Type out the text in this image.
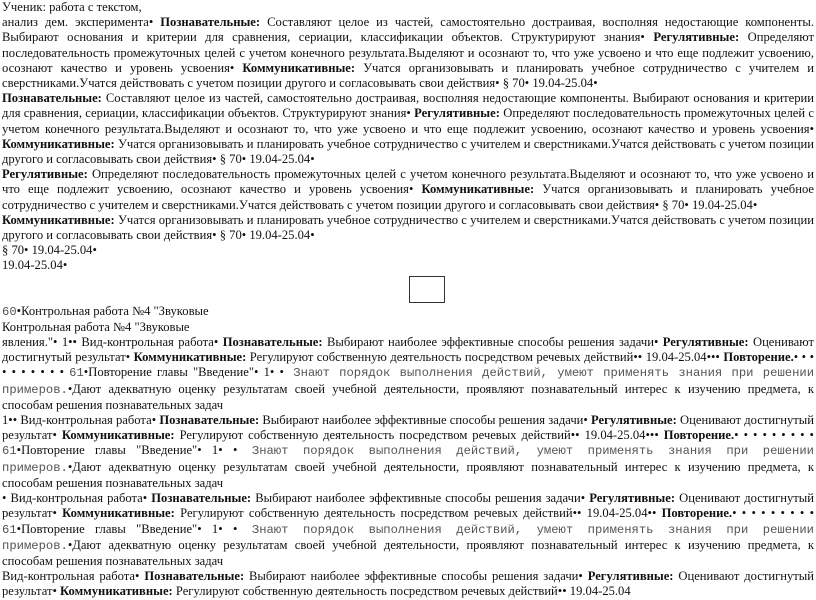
Ученик: работа с текстом,
анализ дем. эксперимента• Познавательные: Составляют целое из частей, самостоятельно достраивая, восполняя недостающие компоненты. Выбирают основания и критерии для сравнения, сериации, классификации объектов. Структурируют знания• Регулятивные: Определяют последовательность промежуточных целей с учетом конечного результата.Выделяют и осознают то, что уже усвоено и что еще подлежит усвоению, осознают качество и уровень усвоения• Коммуникативные: Учатся организовывать и планировать учебное сотрудничество с учителем и сверстниками.Учатся действовать с учетом позиции другого и согласовывать свои действия• § 70• 19.04-25.04•
Познавательные: Составляют целое из частей, самостоятельно достраивая, восполняя недостающие компоненты. Выбирают основания и критерии для сравнения, сериации, классификации объектов. Структурируют знания• Регулятивные: Определяют последовательность промежуточных целей с учетом конечного результата.Выделяют и осознают то, что уже усвоено и что еще подлежит усвоению, осознают качество и уровень усвоения• Коммуникативные: Учатся организовывать и планировать учебное сотрудничество с учителем и сверстниками.Учатся действовать с учетом позиции другого и согласовывать свои действия• § 70• 19.04-25.04•
Регулятивные: Определяют последовательность промежуточных целей с учетом конечного результата.Выделяют и осознают то, что уже усвоено и что еще подлежит усвоению, осознают качество и уровень усвоения• Коммуникативные: Учатся организовывать и планировать учебное сотрудничество с учителем и сверстниками.Учатся действовать с учетом позиции другого и согласовывать свои действия• § 70• 19.04-25.04•
Коммуникативные: Учатся организовывать и планировать учебное сотрудничество с учителем и сверстниками.Учатся действовать с учетом позиции другого и согласовывать свои действия• § 70• 19.04-25.04•
§ 70• 19.04-25.04•
19.04-25.04•
60•Контрольная работа №4 "Звуковые
Контрольная работа №4 "Звуковые
явления."• 1•• Вид-контрольная работа• Познавательные: Выбирают наиболее эффективные способы решения задачи• Регулятивные: Оценивают достигнутый результат• Коммуникативные: Регулируют собственную деятельность посредством речевых действий•• 19.04-25.04••• Повторение.• • • • • • • • • • 61•Повторение главы "Введение"• 1• • Знают порядок выполнения действий, умеют применять знания при решении примеров.•Дают адекватную оценку результатам своей учебной деятельности, проявляют познавательный интерес к изучению предмета, к способам решения познавательных задач
1•• Вид-контрольная работа• Познавательные: Выбирают наиболее эффективные способы решения задачи• Регулятивные: Оценивают достигнутый результат• Коммуникативные: Регулируют собственную деятельность посредством речевых действий•• 19.04-25.04••• Повторение.• • • • • • • • • 61•Повторение главы "Введение"• 1• • Знают порядок выполнения действий, умеют применять знания при решении примеров.•Дают адекватную оценку результатам своей учебной деятельности, проявляют познавательный интерес к изучению предмета, к способам решения познавательных задач
• Вид-контрольная работа• Познавательные: Выбирают наиболее эффективные способы решения задачи• Регулятивные: Оценивают достигнутый результат• Коммуникативные: Регулируют собственную деятельность посредством речевых действий•• 19.04-25.04•• Повторение.• • • • • • • • • 61•Повторение главы "Введение"• 1• • Знают порядок выполнения действий, умеют применять знания при решении примеров.•Дают адекватную оценку результатам своей учебной деятельности, проявляют познавательный интерес к изучению предмета, к способам решения познавательных задач
Вид-контрольная работа• Познавательные: Выбирают наиболее эффективные способы решения задачи• Регулятивные: Оценивают достигнутый результат• Коммуникативные: Регулируют собственную деятельность посредством речевых действий•• 19.04-25.04
